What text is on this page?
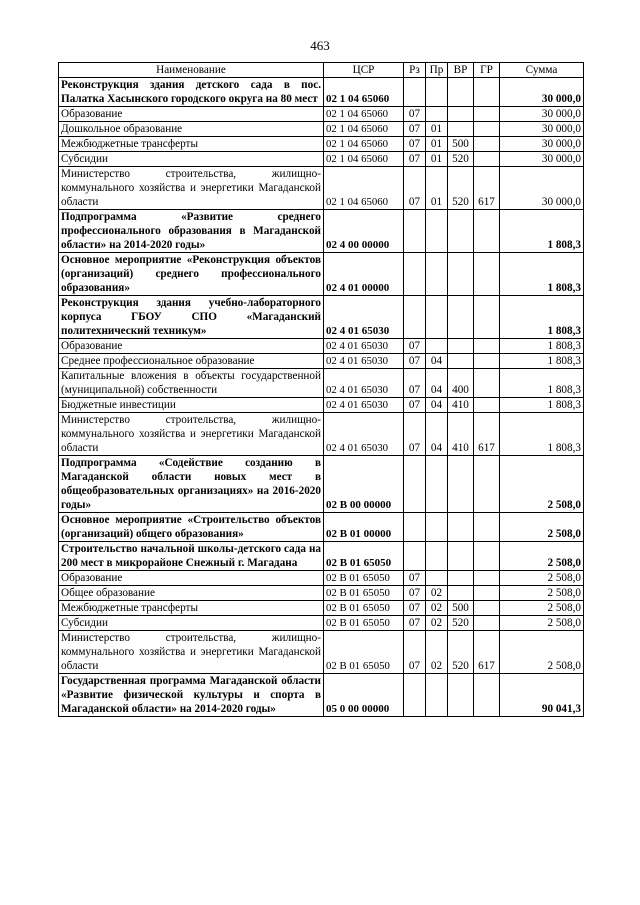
463
Наименование	ЦСР	Рз	Пр	ВР	ГР	Сумма
Реконструкция здания детского сада в пос. Палатка Хасынского городского округа на 80 мест	02 1 04 65060					30 000,0
Образование	02 1 04 65060	07				30 000,0
Дошкольное образование	02 1 04 65060	07	01			30 000,0
Межбюджетные трансферты	02 1 04 65060	07	01	500		30 000,0
Субсидии	02 1 04 65060	07	01	520		30 000,0
Министерство строительства, жилищно-коммунального хозяйства и энергетики Магаданской области	02 1 04 65060	07	01	520	617	30 000,0
Подпрограмма «Развитие среднего профессионального образования в Магаданской области» на 2014-2020 годы»	02 4 00 00000					1 808,3
Основное мероприятие «Реконструкция объектов (организаций) среднего профессионального образования»	02 4 01 00000					1 808,3
Реконструкция здания учебно-лабораторного корпуса ГБОУ СПО «Магаданский политехнический техникум»	02 4 01 65030					1 808,3
Образование	02 4 01 65030	07				1 808,3
Среднее профессиональное образование	02 4 01 65030	07	04			1 808,3
Капитальные вложения в объекты государственной (муниципальной) собственности	02 4 01 65030	07	04	400		1 808,3
Бюджетные инвестиции	02 4 01 65030	07	04	410		1 808,3
Министерство строительства, жилищно-коммунального хозяйства и энергетики Магаданской области	02 4 01 65030	07	04	410	617	1 808,3
Подпрограмма «Содействие созданию в Магаданской области новых мест в общеобразовательных организациях» на 2016-2020 годы»	02 В 00 00000					2 508,0
Основное мероприятие «Строительство объектов (организаций) общего образования»	02 В 01 00000					2 508,0
Строительство начальной школы-детского сада на 200 мест в микрорайоне Снежный г. Магадана	02 В 01 65050					2 508,0
Образование	02 В 01 65050	07				2 508,0
Общее образование	02 В 01 65050	07	02			2 508,0
Межбюджетные трансферты	02 В 01 65050	07	02	500		2 508,0
Субсидии	02 В 01 65050	07	02	520		2 508,0
Министерство строительства, жилищно-коммунального хозяйства и энергетики Магаданской области	02 В 01 65050	07	02	520	617	2 508,0
Государственная программа Магаданской области «Развитие физической культуры и спорта в Магаданской области» на 2014-2020 годы»	05 0 00 00000					90 041,3
